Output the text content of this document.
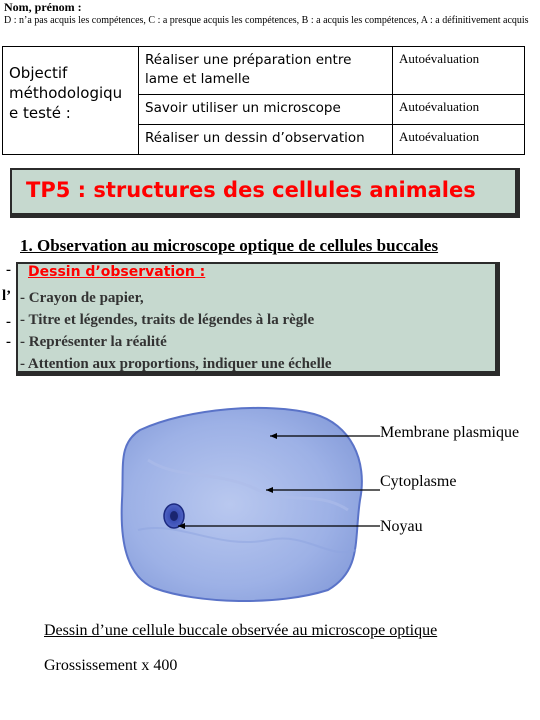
Nom, prénom :
D : n’a pas acquis les compétences, C : a presque acquis les compétences, B : a acquis les compétences, A : a définitivement acquis
Objectif méthodologiqu e testé :	Réaliser une préparation entre lame et lamelle	Autoévaluation
	Savoir utiliser un microscope	Autoévaluation
	Réaliser un dessin d’observation	Autoévaluation
TP5 : structures des cellules animales
1. Observation au microscope optique de cellules buccales
-
l’
-
-
Dessin d’observation :
- Crayon de papier,
- Titre et légendes, traits de légendes à la règle
- Représenter la réalité
- Attention aux proportions, indiquer une échelle
Membrane plasmique
Cytoplasme
Noyau
Dessin d’une cellule buccale observée au microscope optique
Grossissement x 400
